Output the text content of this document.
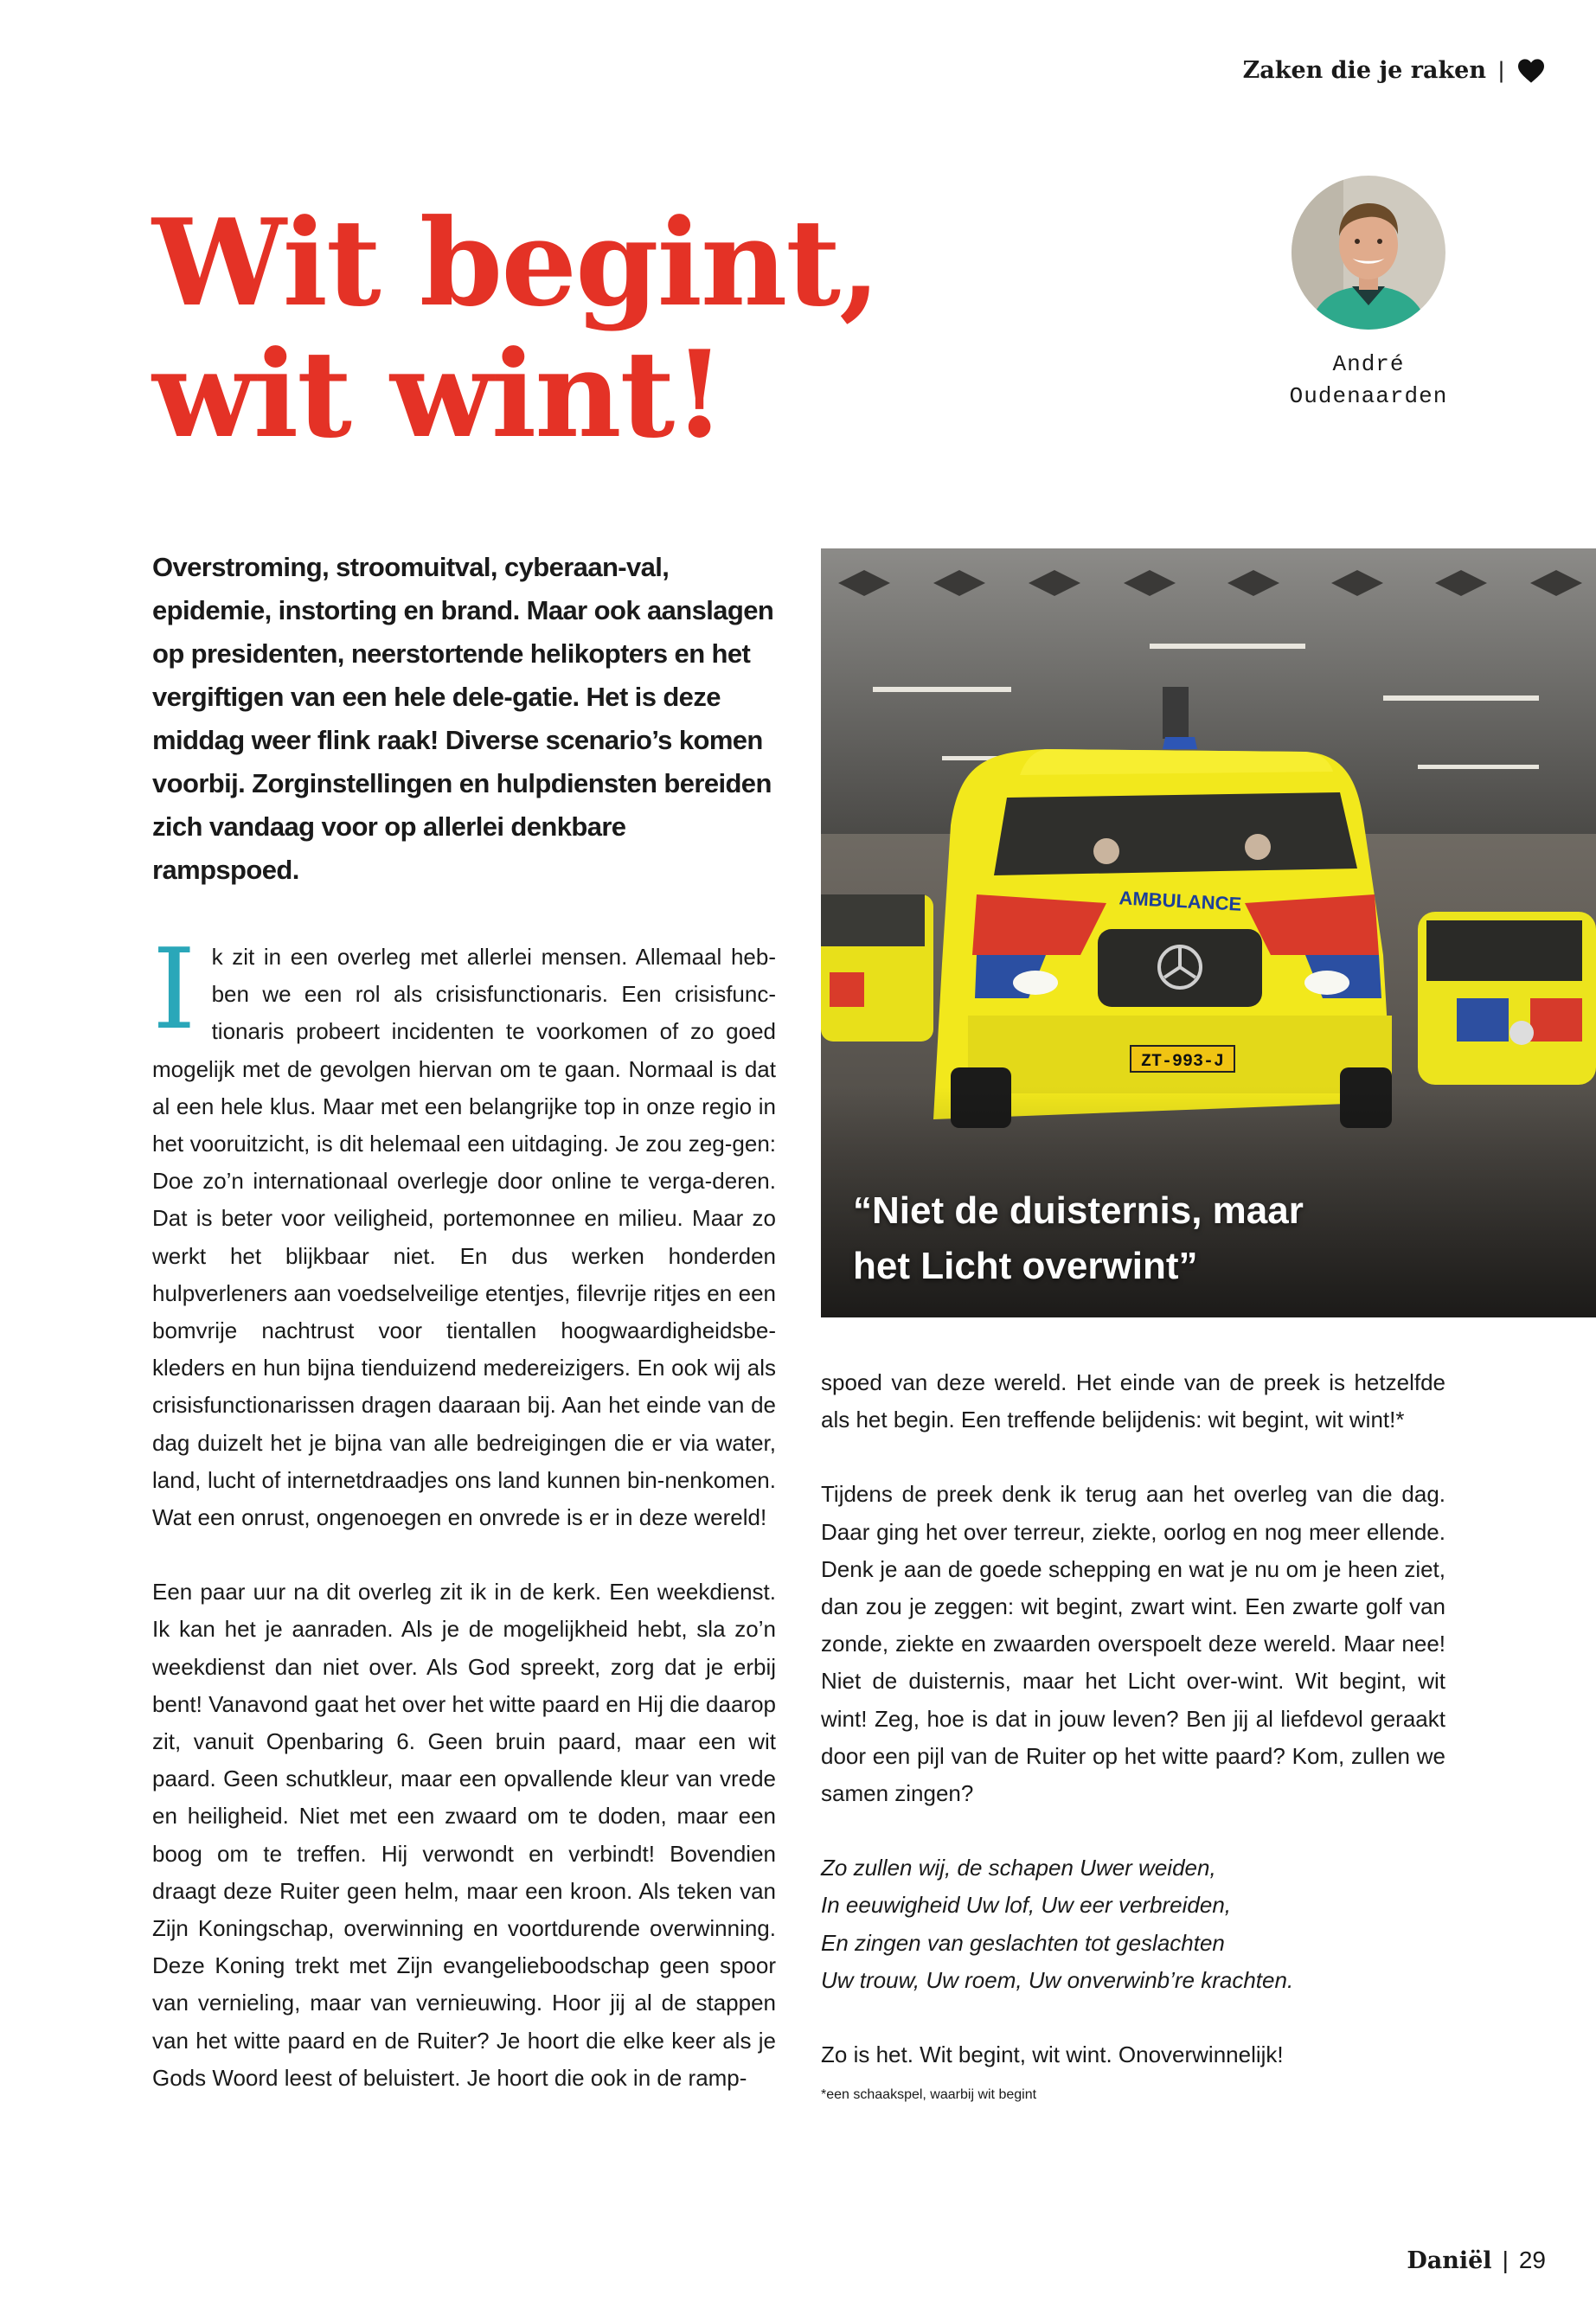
Zaken die je raken |
Wit begint,
wit wint!	André
Oudenaarden

Overstroming, stroomuitval, cyberaan-val, epidemie, instorting en brand. Maar ook aanslagen op presidenten, neerstortende helikopters en het vergiftigen van een hele dele-gatie. Het is deze middag weer flink raak! Diverse scenario’s komen voorbij. Zorginstellingen en hulpdiensten bereiden zich vandaag voor op allerlei denkbare rampspoed.

“Niet de duisternis, maar
het Licht overwint”

I k zit in een overleg met allerlei mensen. Allemaal heb-ben we een rol als crisisfunctionaris. Een crisisfunc-tionaris probeert incidenten te voorkomen of zo goed mogelijk met de gevolgen hiervan om te gaan. Normaal is dat al een hele klus. Maar met een belangrijke top in onze regio in het vooruitzicht, is dit helemaal een uitdaging. Je zou zeg-gen: Doe zo’n internationaal overlegje door online te verga-deren. Dat is beter voor veiligheid, portemonnee en milieu. Maar zo werkt het blijkbaar niet. En dus werken honderden hulpverleners aan voedselveilige etentjes, filevrije ritjes en een bomvrije nachtrust voor tientallen hoogwaardigheidsbe-kleders en hun bijna tienduizend medereizigers. En ook wij als crisisfunctionarissen dragen daaraan bij. Aan het einde van de dag duizelt het je bijna van alle bedreigingen die er via water, land, lucht of internetdraadjes ons land kunnen bin-nenkomen. Wat een onrust, ongenoegen en onvrede is er in deze wereld!

Een paar uur na dit overleg zit ik in de kerk. Een weekdienst. Ik kan het je aanraden. Als je de mogelijkheid hebt, sla zo’n weekdienst dan niet over. Als God spreekt, zorg dat je erbij bent! Vanavond gaat het over het witte paard en Hij die daarop zit, vanuit Openbaring 6. Geen bruin paard, maar een wit paard. Geen schutkleur, maar een opvallende kleur van vrede en heiligheid. Niet met een zwaard om te doden, maar een boog om te treffen. Hij verwondt en verbindt! Bovendien draagt deze Ruiter geen helm, maar een kroon. Als teken van Zijn Koningschap, overwinning en voortdurende overwinning. Deze Koning trekt met Zijn evangelieboodschap geen spoor van vernieling, maar van vernieuwing. Hoor jij al de stappen van het witte paard en de Ruiter? Je hoort die elke keer als je Gods Woord leest of beluistert. Je hoort die ook in de ramp-

spoed van deze wereld. Het einde van de preek is hetzelfde als het begin. Een treffende belijdenis: wit begint, wit wint!*

Tijdens de preek denk ik terug aan het overleg van die dag. Daar ging het over terreur, ziekte, oorlog en nog meer ellende. Denk je aan de goede schepping en wat je nu om je heen ziet, dan zou je zeggen: wit begint, zwart wint. Een zwarte golf van zonde, ziekte en zwaarden overspoelt deze wereld. Maar nee! Niet de duisternis, maar het Licht over-wint. Wit begint, wit wint! Zeg, hoe is dat in jouw leven? Ben jij al liefdevol geraakt door een pijl van de Ruiter op het witte paard? Kom, zullen we samen zingen?

Zo zullen wij, de schapen Uwer weiden,
In eeuwigheid Uw lof, Uw eer verbreiden,
En zingen van geslachten tot geslachten
Uw trouw, Uw roem, Uw onverwinb’re krachten.

Zo is het. Wit begint, wit wint. Onoverwinnelijk!

*een schaakspel, waarbij wit begint

Daniël | 29
